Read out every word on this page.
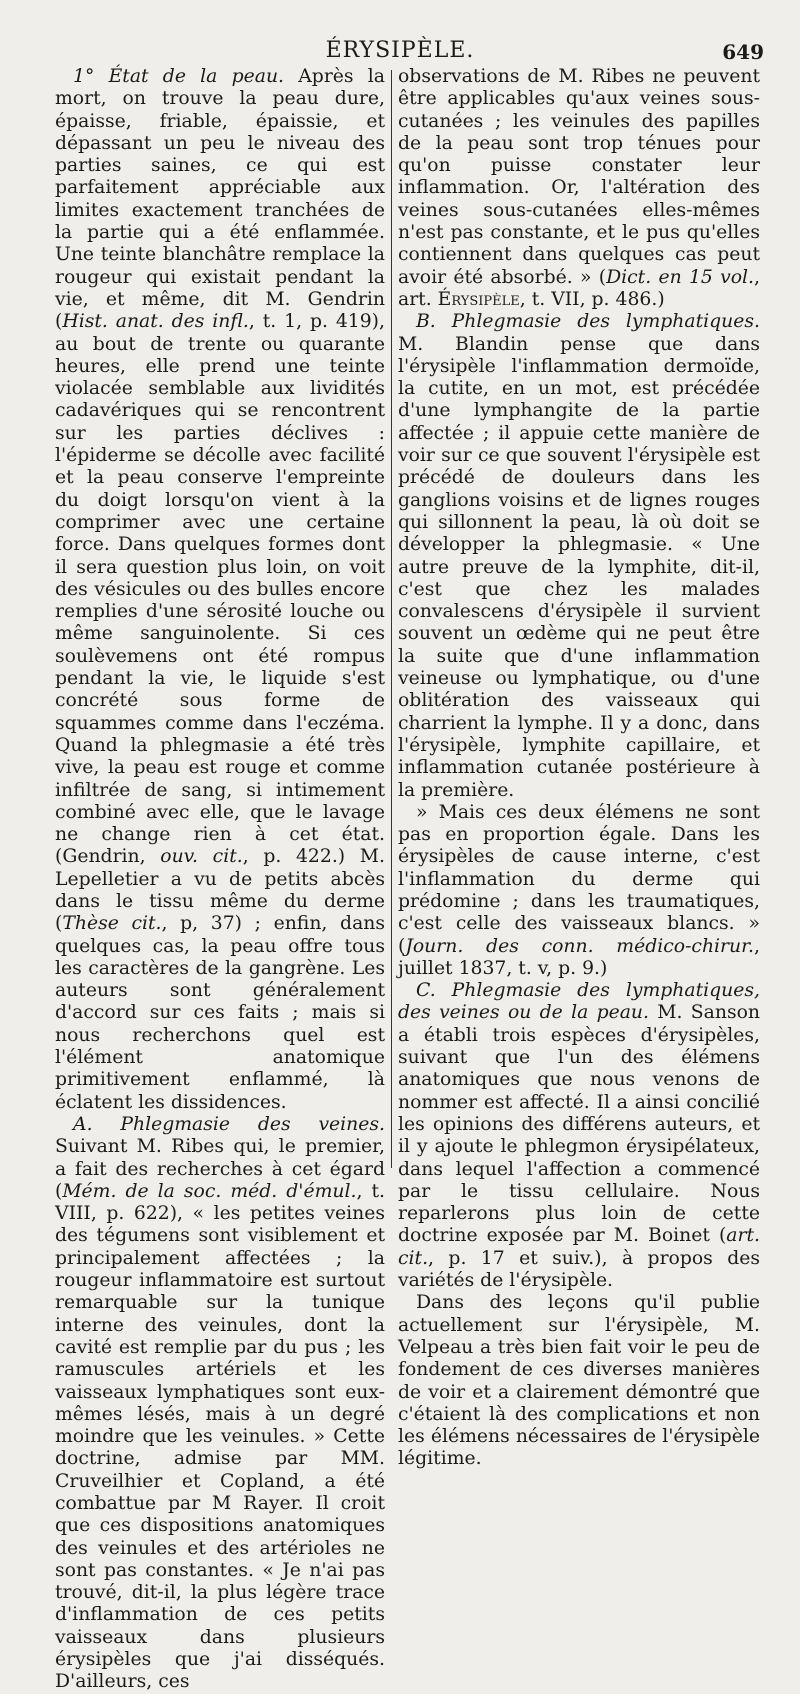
ÉRYSIPÈLE.	649

1° État de la peau. Après la mort, on trouve la peau dure, épaisse, friable, épaissie, et dépassant un peu le niveau des parties saines, ce qui est parfaitement appréciable aux limites exactement tranchées de la partie qui a été enflammée. Une teinte blanchâtre remplace la rougeur qui existait pendant la vie, et même, dit M. Gendrin (Hist. anat. des infl., t. 1, p. 419), au bout de trente ou quarante heures, elle prend une teinte violacée semblable aux lividités cadavériques qui se rencontrent sur les parties déclives : l'épiderme se décolle avec facilité et la peau conserve l'empreinte du doigt lorsqu'on vient à la comprimer avec une certaine force. Dans quelques formes dont il sera question plus loin, on voit des vésicules ou des bulles encore remplies d'une sérosité louche ou même sanguinolente. Si ces soulèvemens ont été rompus pendant la vie, le liquide s'est concrété sous forme de squammes comme dans l'eczéma. Quand la phlegmasie a été très vive, la peau est rouge et comme infiltrée de sang, si intimement combiné avec elle, que le lavage ne change rien à cet état. (Gendrin, ouv. cit., p. 422.) M. Lepelletier a vu de petits abcès dans le tissu même du derme (Thèse cit., p, 37) ; enfin, dans quelques cas, la peau offre tous les caractères de la gangrène. Les auteurs sont généralement d'accord sur ces faits ; mais si nous recherchons quel est l'élément anatomique primitivement enflammé, là éclatent les dissidences.

A. Phlegmasie des veines. Suivant M. Ribes qui, le premier, a fait des recherches à cet égard (Mém. de la soc. méd. d'émul., t. VIII, p. 622), « les petites veines des tégumens sont visiblement et principalement affectées ; la rougeur inflammatoire est surtout remarquable sur la tunique interne des veinules, dont la cavité est remplie par du pus ; les ramuscules artériels et les vaisseaux lymphatiques sont eux-mêmes lésés, mais à un degré moindre que les veinules. » Cette doctrine, admise par MM. Cruveilhier et Copland, a été combattue par M Rayer. Il croit que ces dispositions anatomiques des veinules et des artérioles ne sont pas constantes. « Je n'ai pas trouvé, dit-il, la plus légère trace d'inflammation de ces petits vaisseaux dans plusieurs érysipèles que j'ai disséqués. D'ailleurs, ces

observations de M. Ribes ne peuvent être applicables qu'aux veines sous-cutanées ; les veinules des papilles de la peau sont trop ténues pour qu'on puisse constater leur inflammation. Or, l'altération des veines sous-cutanées elles-mêmes n'est pas constante, et le pus qu'elles contiennent dans quelques cas peut avoir été absorbé. » (Dict. en 15 vol., art. Érysipèle, t. VII, p. 486.)

B. Phlegmasie des lymphatiques. M. Blandin pense que dans l'érysipèle l'inflammation dermoïde, la cutite, en un mot, est précédée d'une lymphangite de la partie affectée ; il appuie cette manière de voir sur ce que souvent l'érysipèle est précédé de douleurs dans les ganglions voisins et de lignes rouges qui sillonnent la peau, là où doit se développer la phlegmasie. « Une autre preuve de la lymphite, dit-il, c'est que chez les malades convalescens d'érysipèle il survient souvent un œdème qui ne peut être la suite que d'une inflammation veineuse ou lymphatique, ou d'une oblitération des vaisseaux qui charrient la lymphe. Il y a donc, dans l'érysipèle, lymphite capillaire, et inflammation cutanée postérieure à la première.

» Mais ces deux élémens ne sont pas en proportion égale. Dans les érysipèles de cause interne, c'est l'inflammation du derme qui prédomine ; dans les traumatiques, c'est celle des vaisseaux blancs. » (Journ. des conn. médico-chirur., juillet 1837, t. v, p. 9.)

C. Phlegmasie des lymphatiques, des veines ou de la peau. M. Sanson a établi trois espèces d'érysipèles, suivant que l'un des élémens anatomiques que nous venons de nommer est affecté. Il a ainsi concilié les opinions des différens auteurs, et il y ajoute le phlegmon érysipélateux, dans lequel l'affection a commencé par le tissu cellulaire. Nous reparlerons plus loin de cette doctrine exposée par M. Boinet (art. cit., p. 17 et suiv.), à propos des variétés de l'érysipèle.

Dans des leçons qu'il publie actuellement sur l'érysipèle, M. Velpeau a très bien fait voir le peu de fondement de ces diverses manières de voir et a clairement démontré que c'étaient là des complications et non les élémens nécessaires de l'érysipèle légitime.
